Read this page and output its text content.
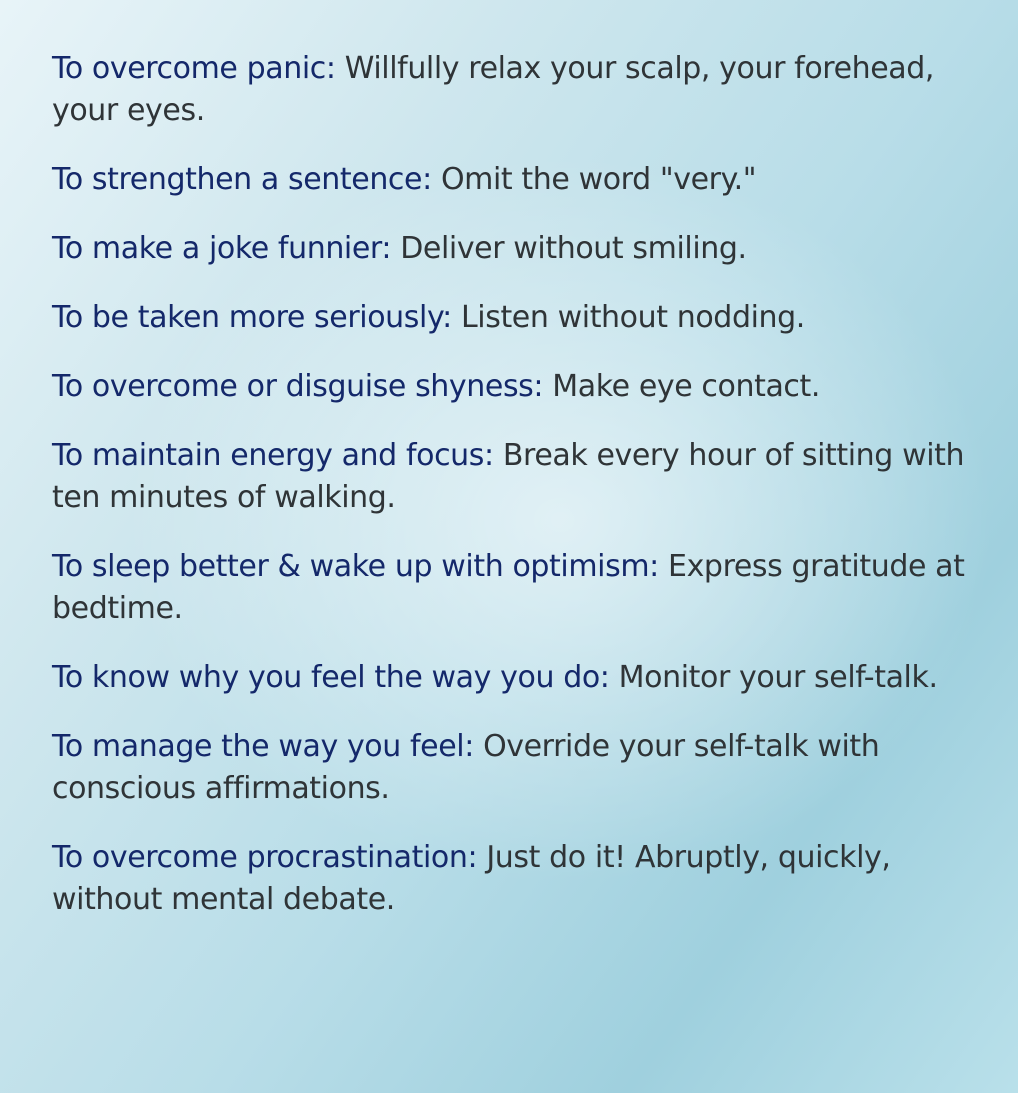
To overcome panic: Willfully relax your scalp, your forehead, your eyes.
To strengthen a sentence: Omit the word "very."
To make a joke funnier: Deliver without smiling.
To be taken more seriously: Listen without nodding.
To overcome or disguise shyness: Make eye contact.
To maintain energy and focus: Break every hour of sitting with ten minutes of walking.
To sleep better & wake up with optimism: Express gratitude at bedtime.
To know why you feel the way you do: Monitor your self-talk.
To manage the way you feel: Override your self-talk with conscious affirmations.
To overcome procrastination: Just do it! Abruptly, quickly, without mental debate.
